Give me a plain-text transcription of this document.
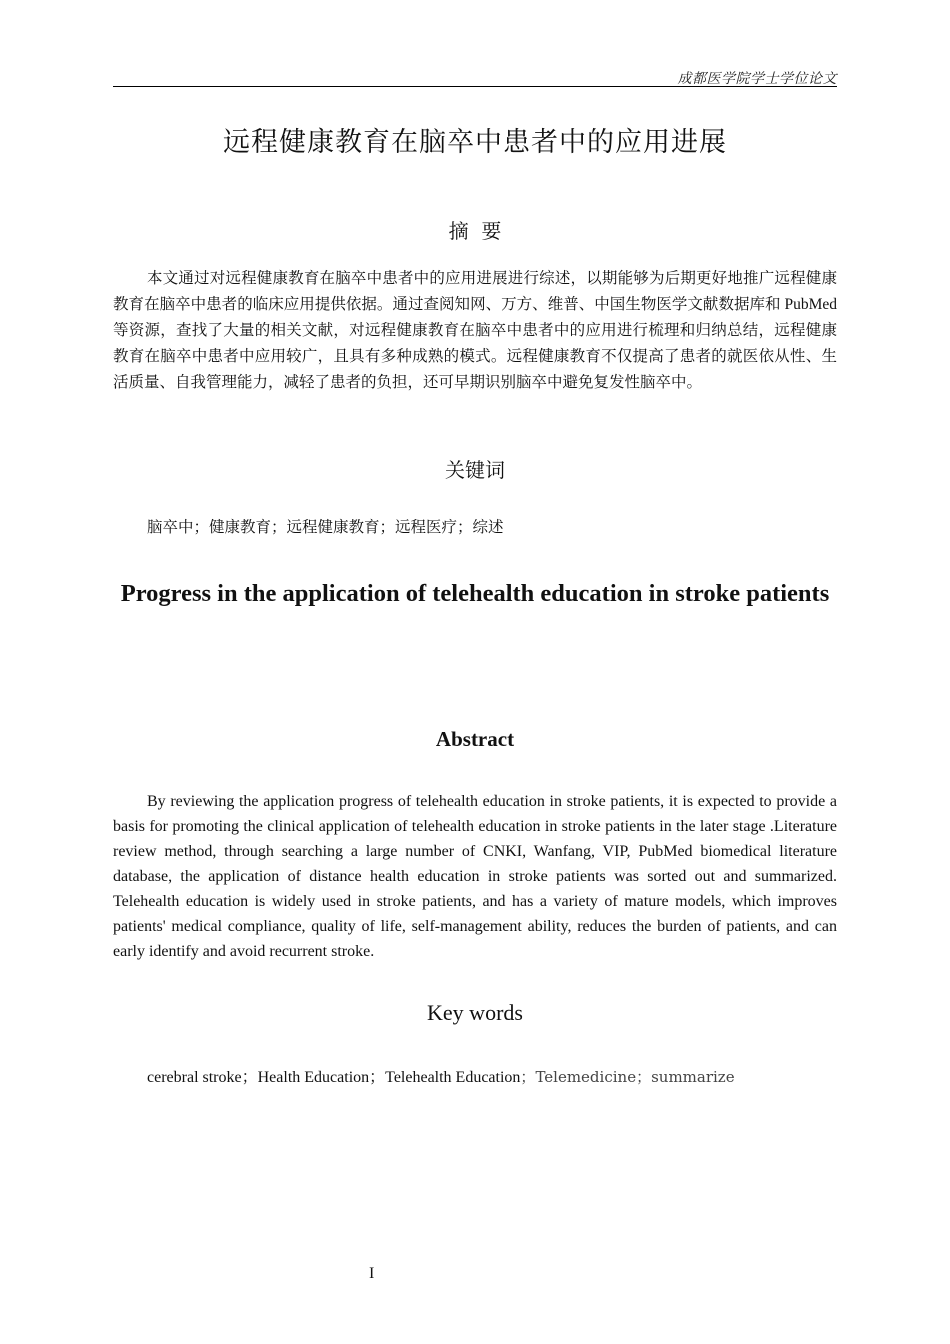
成都医学院学士学位论文
远程健康教育在脑卒中患者中的应用进展
摘  要

本文通过对远程健康教育在脑卒中患者中的应用进展进行综述，以期能够为后期更好地推广远程健康教育在脑卒中患者的临床应用提供依据。通过查阅知网、万方、维普、中国生物医学文献数据库和 PubMed 等资源，查找了大量的相关文献，对远程健康教育在脑卒中患者中的应用进行梳理和归纳总结，远程健康教育在脑卒中患者中应用较广，且具有多种成熟的模式。远程健康教育不仅提高了患者的就医依从性、生活质量、自我管理能力，减轻了患者的负担，还可早期识别脑卒中避免复发性脑卒中。

关键词
脑卒中；健康教育；远程健康教育；远程医疗；综述

Progress in the application of telehealth education in stroke patients

Abstract

By reviewing the application progress of telehealth education in stroke patients, it is expected to provide a basis for promoting the clinical application of telehealth education in stroke patients in the later stage .Literature review method, through searching a large number of CNKI, Wanfang, VIP, PubMed biomedical literature database, the application of distance health education in stroke patients was sorted out and summarized. Telehealth education is widely used in stroke patients, and has a variety of mature models, which improves patients' medical compliance, quality of life, self-management ability, reduces the burden of patients, and can early identify and avoid recurrent stroke.

Key words
cerebral stroke；Health Education；Telehealth Education；Telemedicine；summarize
I
